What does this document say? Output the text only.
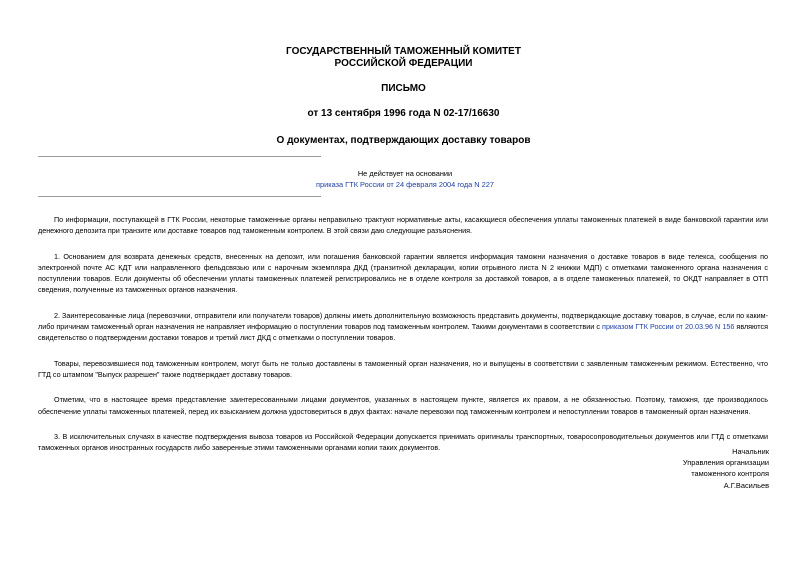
ГОСУДАРСТВЕННЫЙ ТАМОЖЕННЫЙ КОМИТЕТ
РОССИЙСКОЙ ФЕДЕРАЦИИ
ПИСЬМО
от 13 сентября 1996 года N 02-17/16630
О документах, подтверждающих доставку товаров
Не действует на основании
приказа ГТК России от 24 февраля 2004 года N 227

По информации, поступающей в ГТК России, некоторые таможенные органы неправильно трактуют нормативные акты, касающиеся обеспечения уплаты таможенных платежей в виде банковской гарантии или денежного депозита при транзите или доставке товаров под таможенным контролем. В этой связи даю следующие разъяснения.

1. Основанием для возврата денежных средств, внесенных на депозит, или погашения банковской гарантии является информация таможни назначения о доставке товаров в виде телекса, сообщения по электронной почте АС КДТ или направленного фельдсвязью или с нарочным экземпляра ДКД (транзитной декларации, копии отрывного листа N 2 книжки МДП) с отметками таможенного органа назначения с поступлении товаров. Если документы об обеспечении уплаты таможенных платежей регистрировались не в отделе контроля за доставкой товаров, а в отделе таможенных платежей, то ОКДТ направляет в ОТП сведения, полученные из таможенных органов назначения.

2. Заинтересованные лица (перевозчики, отправители или получатели товаров) должны иметь дополнительную возможность представить документы, подтверждающие доставку товаров, в случае, если по каким-либо причинам таможенный орган назначения не направляет информацию о поступлении товаров под таможенным контролем. Такими документами в соответствии с приказом ГТК России от 20.03.96 N 156 являются свидетельство о подтверждении доставки товаров и третий лист ДКД с отметками о поступлении товаров.

Товары, перевозившиеся под таможенным контролем, могут быть не только доставлены в таможенный орган назначения, но и выпущены в соответствии с заявленным таможенным режимом. Естественно, что ГТД со штампом "Выпуск разрешен" также подтверждает доставку товаров.

Отметим, что в настоящее время представление заинтересованными лицами документов, указанных в настоящем пункте, является их правом, а не обязанностью. Поэтому, таможня, где производилось обеспечение уплаты таможенных платежей, перед их взысканием должна удостовериться в двух фактах: начале перевозки под таможенным контролем и непоступлении товаров в таможенный орган назначения.

3. В исключительных случаях в качестве подтверждения вывоза товаров из Российской Федерации допускается принимать оригиналы транспортных, товаросопроводительных документов или ГТД с отметками таможенных органов иностранных государств либо заверенные этими таможенными органами копии таких документов.	Начальник
Управления организации
таможенного контроля
А.Г.Васильев
